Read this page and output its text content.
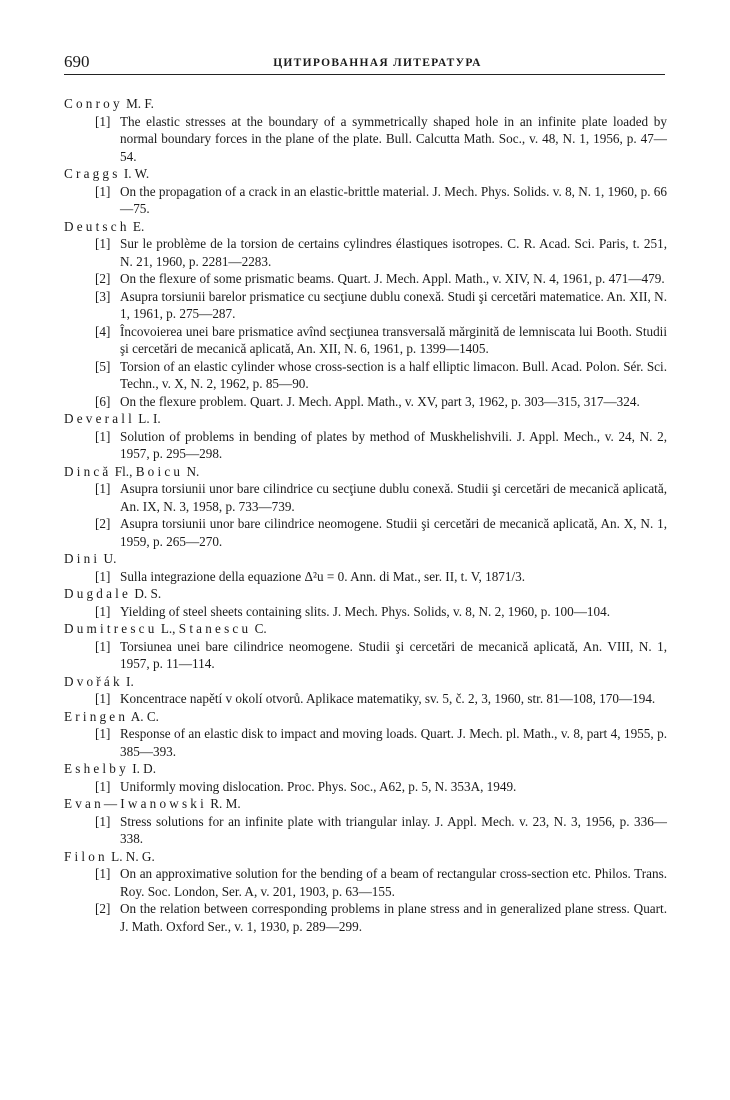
690	ЦИТИРОВАННАЯ ЛИТЕРАТУРА
Conroy M. F.
[1] The elastic stresses at the boundary of a symmetrically shaped hole in an infinite plate loaded by normal boundary forces in the plane of the plate. Bull. Calcutta Math. Soc., v. 48, N. 1, 1956, p. 47—54.
Craggs I. W.
[1] On the propagation of a crack in an elastic-brittle material. J. Mech. Phys. Solids. v. 8, N. 1, 1960, p. 66—75.
Deutsch E.
[1] Sur le problème de la torsion de certains cylindres élastiques isotropes. C. R. Acad. Sci. Paris, t. 251, N. 21, 1960, p. 2281—2283.
[2] On the flexure of some prismatic beams. Quart. J. Mech. Appl. Math., v. XIV, N. 4, 1961, p. 471—479.
[3] Asupra torsiunii barelor prismatice cu secţiune dublu conexă. Studi şi cercetări matematice. An. XII, N. 1, 1961, p. 275—287.
[4] Încovoierea unei bare prismatice avînd secţiunea transversală mărginită de lemniscata lui Booth. Studii şi cercetări de mecanică aplicată, An. XII, N. 6, 1961, p. 1399—1405.
[5] Torsion of an elastic cylinder whose cross-section is a half elliptic limacon. Bull. Acad. Polon. Sér. Sci. Techn., v. X, N. 2, 1962, p. 85—90.
[6] On the flexure problem. Quart. J. Mech. Appl. Math., v. XV, part 3, 1962, p. 303—315, 317—324.
Deverall L. I.
[1] Solution of problems in bending of plates by method of Muskhelishvili. J. Appl. Mech., v. 24, N. 2, 1957, p. 295—298.
Dincă Fl., Boicu N.
[1] Asupra torsiunii unor bare cilindrice cu secţiune dublu conexă. Studii şi cercetări de mecanică aplicată, An. IX, N. 3, 1958, p. 733—739.
[2] Asupra torsiunii unor bare cilindrice neomogene. Studii şi cercetări de mecanică aplicată, An. X, N. 1, 1959, p. 265—270.
Dini U.
[1] Sulla integrazione della equazione Δ²u = 0. Ann. di Mat., ser. II, t. V, 1871/3.
Dugdale D. S.
[1] Yielding of steel sheets containing slits. J. Mech. Phys. Solids, v. 8, N. 2, 1960, p. 100—104.
Dumitrescu L., Stanescu C.
[1] Torsiunea unei bare cilindrice neomogene. Studii şi cercetări de mecanică aplicată, An. VIII, N. 1, 1957, p. 11—114.
Dvořák I.
[1] Koncentrace napětí v okolí otvorů. Aplikace matematiky, sv. 5, č. 2, 3, 1960, str. 81—108, 170—194.
Eringen A. C.
[1] Response of an elastic disk to impact and moving loads. Quart. J. Mech. pl. Math., v. 8, part 4, 1955, p. 385—393.
Eshelby I. D.
[1] Uniformly moving dislocation. Proc. Phys. Soc., A62, p. 5, N. 353A, 1949.
Evan—Iwanowski R. M.
[1] Stress solutions for an infinite plate with triangular inlay. J. Appl. Mech. v. 23, N. 3, 1956, p. 336—338.
Filon L. N. G.
[1] On an approximative solution for the bending of a beam of rectangular cross-section etc. Philos. Trans. Roy. Soc. London, Ser. A, v. 201, 1903, p. 63—155.
[2] On the relation between corresponding problems in plane stress and in generalized plane stress. Quart. J. Math. Oxford Ser., v. 1, 1930, p. 289—299.
